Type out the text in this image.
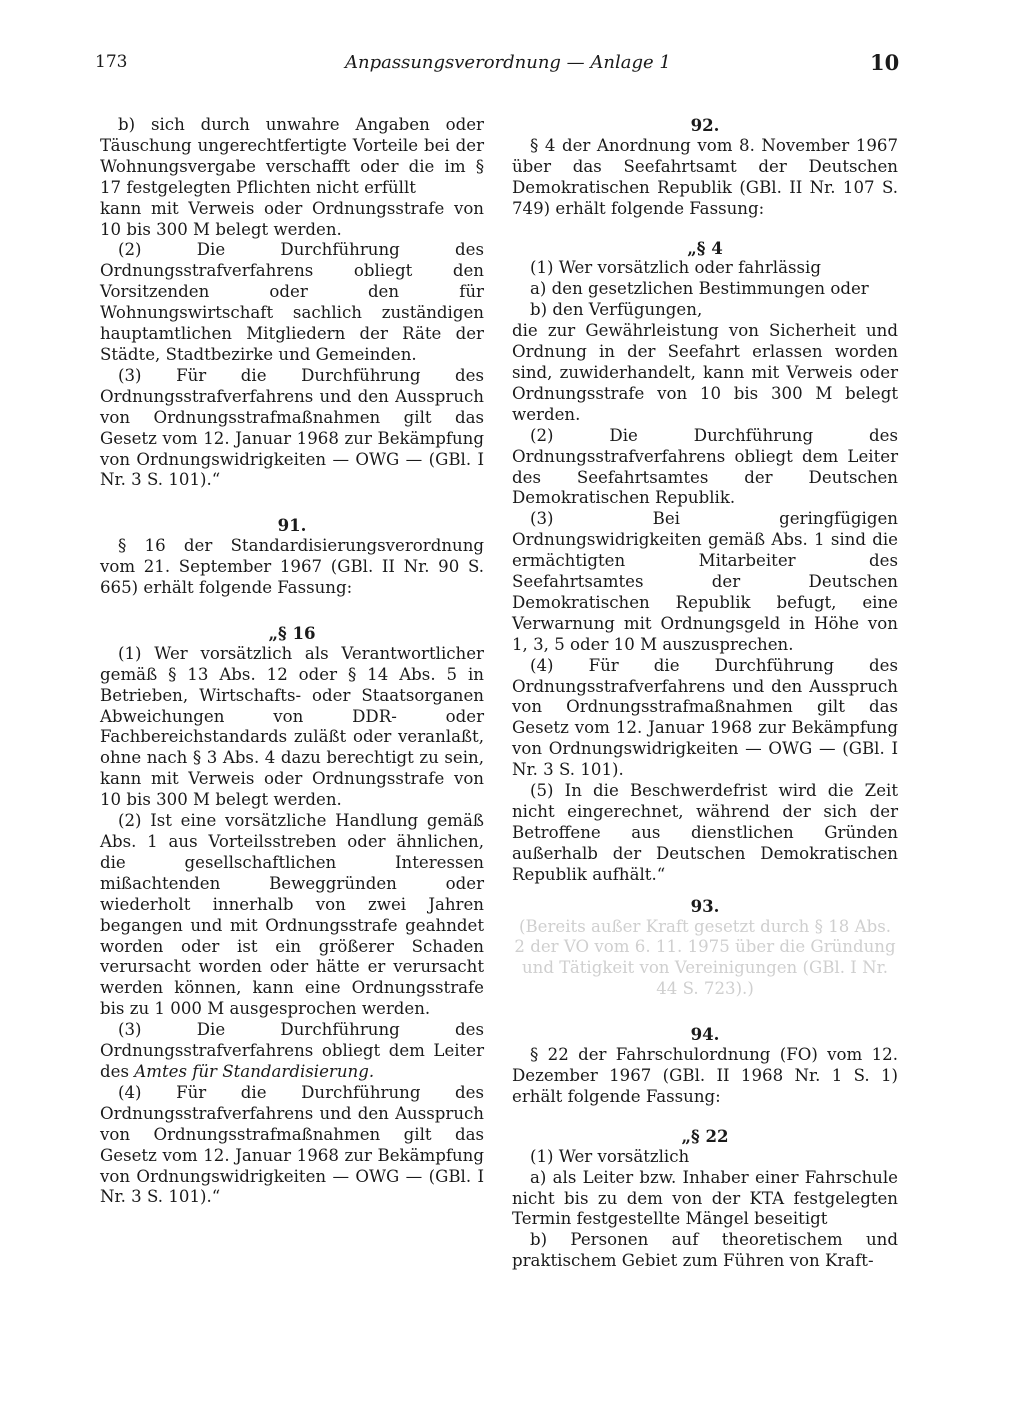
173	Anpassungsverordnung — Anlage 1	10

b) sich durch unwahre Angaben oder Täuschung ungerechtfertigte Vorteile bei der Wohnungsvergabe verschafft oder die im § 17 festgelegten Pflichten nicht erfüllt

kann mit Verweis oder Ordnungsstrafe von 10 bis 300 M belegt werden.

(2) Die Durchführung des Ordnungsstrafverfahrens obliegt den Vorsitzenden oder den für Wohnungswirtschaft sachlich zuständigen hauptamtlichen Mitgliedern der Räte der Städte, Stadtbezirke und Gemeinden.

(3) Für die Durchführung des Ordnungsstrafverfahrens und den Ausspruch von Ordnungsstrafmaßnahmen gilt das Gesetz vom 12. Januar 1968 zur Bekämpfung von Ordnungswidrigkeiten — OWG — (GBl. I Nr. 3 S. 101).“

91.

§ 16 der Standardisierungsverordnung vom 21. September 1967 (GBl. II Nr. 90 S. 665) erhält folgende Fassung:

„§ 16

(1) Wer vorsätzlich als Verantwortlicher gemäß § 13 Abs. 12 oder § 14 Abs. 5 in Betrieben, Wirtschafts- oder Staatsorganen Abweichungen von DDR- oder Fachbereichstandards zuläßt oder veranlaßt, ohne nach § 3 Abs. 4 dazu berechtigt zu sein, kann mit Verweis oder Ordnungsstrafe von 10 bis 300 M belegt werden.

(2) Ist eine vorsätzliche Handlung gemäß Abs. 1 aus Vorteilsstreben oder ähnlichen, die gesellschaftlichen Interessen mißachtenden Beweggründen oder wiederholt innerhalb von zwei Jahren begangen und mit Ordnungsstrafe geahndet worden oder ist ein größerer Schaden verursacht worden oder hätte er verursacht werden können, kann eine Ordnungsstrafe bis zu 1 000 M ausgesprochen werden.

(3) Die Durchführung des Ordnungsstrafverfahrens obliegt dem Leiter des Amtes für Standardisierung.

(4) Für die Durchführung des Ordnungsstrafverfahrens und den Ausspruch von Ordnungsstrafmaßnahmen gilt das Gesetz vom 12. Januar 1968 zur Bekämpfung von Ordnungswidrigkeiten — OWG — (GBl. I Nr. 3 S. 101).“

92.

§ 4 der Anordnung vom 8. November 1967 über das Seefahrtsamt der Deutschen Demokratischen Republik (GBl. II Nr. 107 S. 749) erhält folgende Fassung:

„§ 4

(1) Wer vorsätzlich oder fahrlässig

a) den gesetzlichen Bestimmungen oder

b) den Verfügungen,

die zur Gewährleistung von Sicherheit und Ordnung in der Seefahrt erlassen worden sind, zuwiderhandelt, kann mit Verweis oder Ordnungsstrafe von 10 bis 300 M belegt werden.

(2) Die Durchführung des Ordnungsstrafverfahrens obliegt dem Leiter des Seefahrtsamtes der Deutschen Demokratischen Republik.

(3) Bei geringfügigen Ordnungswidrigkeiten gemäß Abs. 1 sind die ermächtigten Mitarbeiter des Seefahrtsamtes der Deutschen Demokratischen Republik befugt, eine Verwarnung mit Ordnungsgeld in Höhe von 1, 3, 5 oder 10 M auszusprechen.

(4) Für die Durchführung des Ordnungsstrafverfahrens und den Ausspruch von Ordnungsstrafmaßnahmen gilt das Gesetz vom 12. Januar 1968 zur Bekämpfung von Ordnungswidrigkeiten — OWG — (GBl. I Nr. 3 S. 101).

(5) In die Beschwerdefrist wird die Zeit nicht eingerechnet, während der sich der Betroffene aus dienstlichen Gründen außerhalb der Deutschen Demokratischen Republik aufhält.“

93.

(Bereits außer Kraft gesetzt durch § 18 Abs. 2 der VO vom 6. 11. 1975 über die Gründung und Tätigkeit von Vereinigungen (GBl. I Nr. 44 S. 723).)

94.

§ 22 der Fahrschulordnung (FO) vom 12. Dezember 1967 (GBl. II 1968 Nr. 1 S. 1) erhält folgende Fassung:

„§ 22

(1) Wer vorsätzlich

a) als Leiter bzw. Inhaber einer Fahrschule nicht bis zu dem von der KTA festgelegten Termin festgestellte Mängel beseitigt

b) Personen auf theoretischem und praktischem Gebiet zum Führen von Kraft-
